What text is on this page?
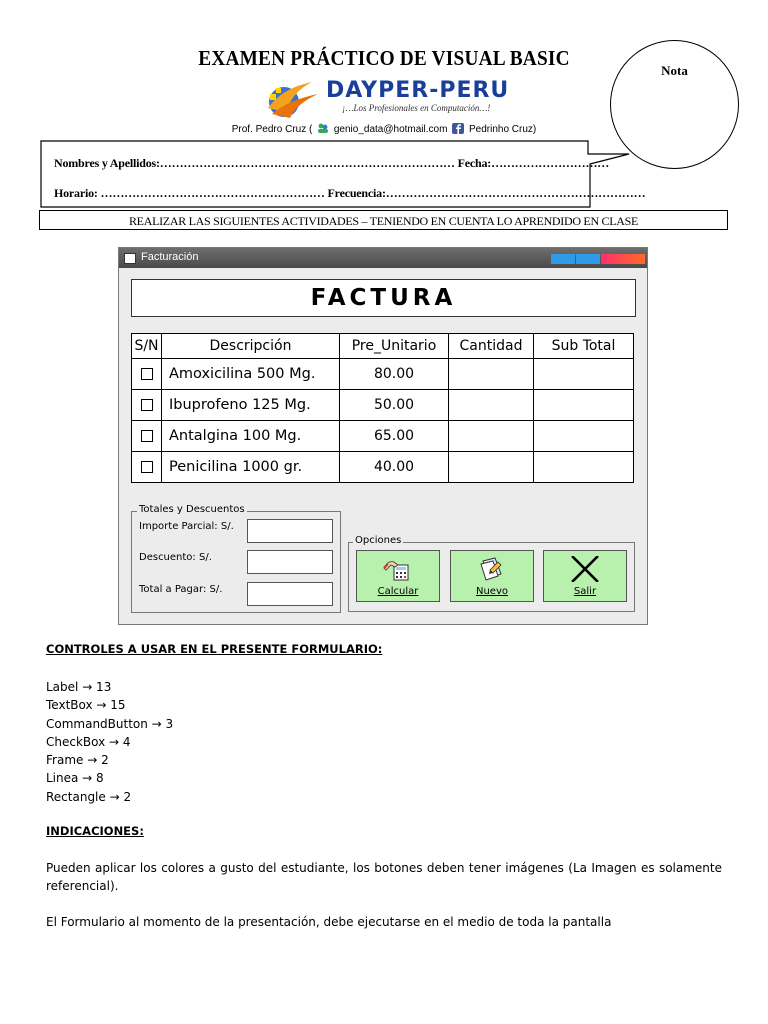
EXAMEN PRÁCTICO DE VISUAL BASIC
DAYPER-PERU
¡…Los Profesionales en Computación…!
Prof. Pedro Cruz ( genio_data@hotmail.com Pedrinho Cruz)
Nota
Nombres y Apellidos:………………………………………………………………… Fecha:…………………………
Horario: ………………………………………………… Frecuencia:…………………………………………………………
REALIZAR LAS SIGUIENTES ACTIVIDADES – TENIENDO EN CUENTA LO APRENDIDO EN CLASE
Facturación
FACTURA
S/N	Descripción	Pre_Unitario	Cantidad	Sub Total
	Amoxicilina 500 Mg.	80.00		
	Ibuprofeno 125 Mg.	50.00		
	Antalgina 100 Mg.	65.00		
	Penicilina 1000 gr.	40.00		
Totales y Descuentos
Importe Parcial: S/.
Descuento: S/.
Total a Pagar: S/.
Opciones
Calcular	Nuevo	Salir
CONTROLES A USAR EN EL PRESENTE FORMULARIO:
Label → 13
TextBox → 15
CommandButton → 3
CheckBox → 4
Frame → 2
Linea → 8
Rectangle → 2
INDICACIONES:
Pueden aplicar los colores a gusto del estudiante, los botones deben tener imágenes (La Imagen es solamente referencial).
El Formulario al momento de la presentación, debe ejecutarse en el medio de toda la pantalla
